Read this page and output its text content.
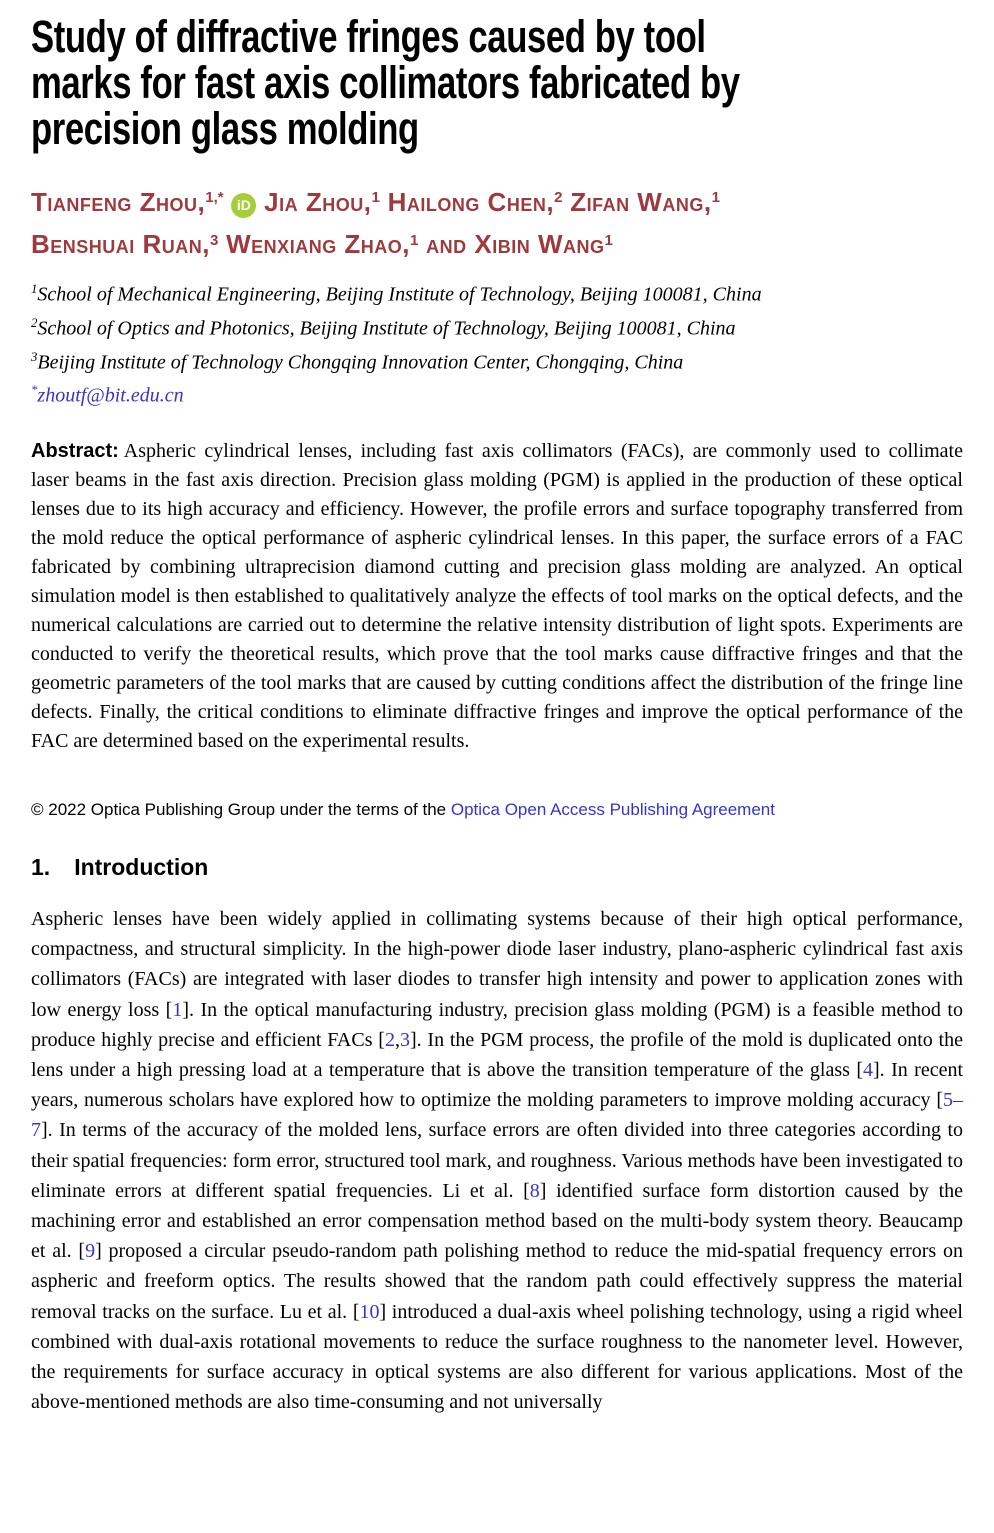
Study of diffractive fringes caused by tool
marks for fast axis collimators fabricated by
precision glass molding
Tianfeng Zhou,$^{1,*}$ iD Jia Zhou,$^1$ Hailong Chen,$^2$ Zifan Wang,$^1$
Benshuai Ruan,$^3$ Wenxiang Zhao,$^1$ and Xibin Wang$^1$
$^1$School of Mechanical Engineering, Beijing Institute of Technology, Beijing 100081, China
$^2$School of Optics and Photonics, Beijing Institute of Technology, Beijing 100081, China
$^3$Beijing Institute of Technology Chongqing Innovation Center, Chongqing, China
*zhoutf@bit.edu.cn
Abstract: Aspheric cylindrical lenses, including fast axis collimators (FACs), are commonly used to collimate laser beams in the fast axis direction. Precision glass molding (PGM) is applied in the production of these optical lenses due to its high accuracy and efficiency. However, the profile errors and surface topography transferred from the mold reduce the optical performance of aspheric cylindrical lenses. In this paper, the surface errors of a FAC fabricated by combining ultraprecision diamond cutting and precision glass molding are analyzed. An optical simulation model is then established to qualitatively analyze the effects of tool marks on the optical defects, and the numerical calculations are carried out to determine the relative intensity distribution of light spots. Experiments are conducted to verify the theoretical results, which prove that the tool marks cause diffractive fringes and that the geometric parameters of the tool marks that are caused by cutting conditions affect the distribution of the fringe line defects. Finally, the critical conditions to eliminate diffractive fringes and improve the optical performance of the FAC are determined based on the experimental results.
© 2022 Optica Publishing Group under the terms of the Optica Open Access Publishing Agreement
1. Introduction
Aspheric lenses have been widely applied in collimating systems because of their high optical performance, compactness, and structural simplicity. In the high-power diode laser industry, plano-aspheric cylindrical fast axis collimators (FACs) are integrated with laser diodes to transfer high intensity and power to application zones with low energy loss [1]. In the optical manufacturing industry, precision glass molding (PGM) is a feasible method to produce highly precise and efficient FACs [2,3]. In the PGM process, the profile of the mold is duplicated onto the lens under a high pressing load at a temperature that is above the transition temperature of the glass [4]. In recent years, numerous scholars have explored how to optimize the molding parameters to improve molding accuracy [5–7]. In terms of the accuracy of the molded lens, surface errors are often divided into three categories according to their spatial frequencies: form error, structured tool mark, and roughness. Various methods have been investigated to eliminate errors at different spatial frequencies. Li et al. [8] identified surface form distortion caused by the machining error and established an error compensation method based on the multi-body system theory. Beaucamp et al. [9] proposed a circular pseudo-random path polishing method to reduce the mid-spatial frequency errors on aspheric and freeform optics. The results showed that the random path could effectively suppress the material removal tracks on the surface. Lu et al. [10] introduced a dual-axis wheel polishing technology, using a rigid wheel combined with dual-axis rotational movements to reduce the surface roughness to the nanometer level. However, the requirements for surface accuracy in optical systems are also different for various applications. Most of the above-mentioned methods are also time-consuming and not universally
